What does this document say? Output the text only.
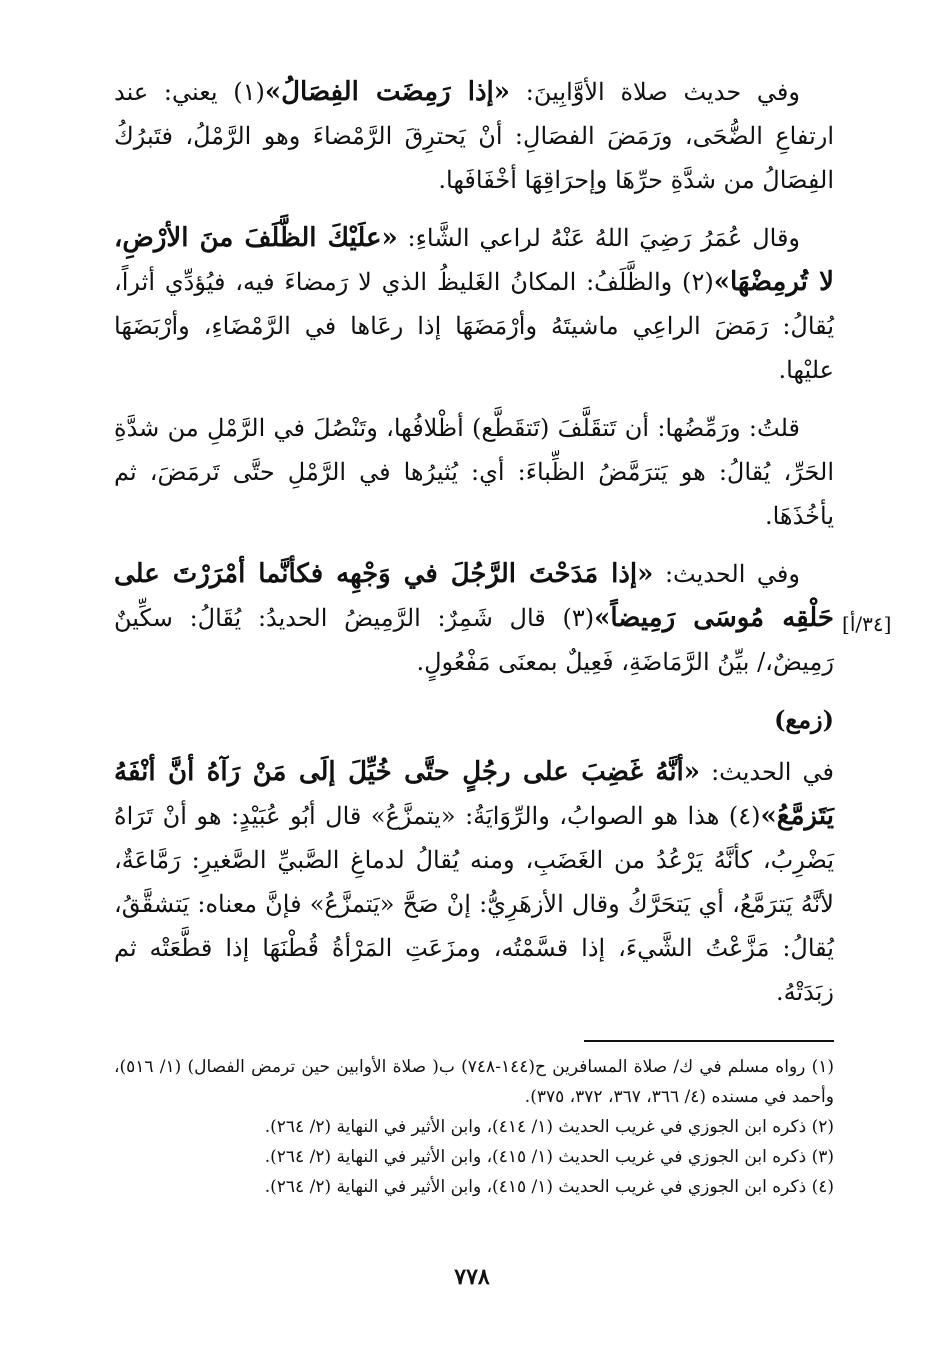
وفي حديث صلاة الأوَّابِينَ: «إذا رَمِضَت الفِصَالُ»(١) يعني: عند ارتفاعِ الضُّحَى، ورَمَضَ الفصَالِ: أنْ يَحترِقَ الرَّمْضاءَ وهو الرَّمْلُ، فتَبرُكُ الفِصَالُ من شدَّةِ حرِّهَا وإحرَاقِهَا أخْفَافَها.

وقال عُمَرُ رَضِيَ اللهُ عَنْهُ لراعي الشَّاءِ: «علَيْكَ الظَّلَفَ منَ الأرْضِ، لا تُرمِضْهَا»(٢) والظَّلَفُ: المكانُ الغَليظُ الذي لا رَمضاءَ فيه، فيُؤدِّي أثراً، يُقالُ: رَمَضَ الراعِي ماشيتَهُ وأرْمَضَهَا إذا رعَاها في الرَّمْضَاءِ، وأرْبَضَهَا عليْها.

قلتُ: ورَمِّضُها: أن تَتقَلَّفَ (تَتقَطَّع) أظْلافُها، وتَنْصُلَ في الرَّمْلِ من شدَّةِ الحَرِّ، يُقالُ: هو يَترَمَّضُ الظِّباءَ: أي: يُثيرُها في الرَّمْلِ حتَّى تَرمَضَ، ثم يأخُذَهَا.

وفي الحديث: «إذا مَدَحْتَ الرَّجُلَ في وَجْهِه فكأنَّما أمْرَرْتَ على حَلْقِه مُوسَى رَمِيضاً»(٣) قال شَمِرٌ: الرَّمِيضُ الحديدُ: يُقَالُ: سكِّينٌ رَمِيضٌ،/ بيِّنُ الرَّمَاضَةِ، فَعِيلٌ بمعنَى مَفْعُولٍ.

(زمع)

في الحديث: «أنَّهُ غَضِبَ على رجُلٍ حتَّى خُيِّلَ إلَى مَنْ رَآهُ أنَّ أنْفَهُ يَتَزمَّعُ»(٤) هذا هو الصوابُ، والرِّوَايَةُ: «يتمزَّعُ» قال أبُو عُبَيْدٍ: هو أنْ تَرَاهُ يَضْرِبُ، كأنَّهُ يَرْعُدُ من الغَضَبِ، ومنه يُقالُ لدماغِ الصَّبيِّ الصَّغيرِ: رَمَّاعَةٌ، لأنَّهُ يَترَمَّعُ، أي يَتحَرَّكُ وقال الأزهَرِيُّ: إنْ صَحَّ «يَتمزَّعُ» فإنَّ معناه: يَتشقَّقُ، يُقالُ: مَزَّعْتُ الشَّيءَ، إذا قسَّمْتُه، ومزَعَتِ المَرْأةُ قُطْنَهَا إذا قطَّعَتْه ثم زبَدَتْهُ.

[٣٤/أ]

(١) رواه مسلم في ك/ صلاة المسافرين ح(١٤٤-٧٤٨) ب( صلاة الأوابين حين ترمض الفصال) (١/ ٥١٦)، وأحمد في مسنده (٤/ ٣٦٦، ٣٦٧، ٣٧٢، ٣٧٥).

(٢) ذكره ابن الجوزي في غريب الحديث (١/ ٤١٤)، وابن الأثير في النهاية (٢/ ٢٦٤).

(٣) ذكره ابن الجوزي في غريب الحديث (١/ ٤١٥)، وابن الأثير في النهاية (٢/ ٢٦٤).

(٤) ذكره ابن الجوزي في غريب الحديث (١/ ٤١٥)، وابن الأثير في النهاية (٢/ ٢٦٤).

٧٧٨
